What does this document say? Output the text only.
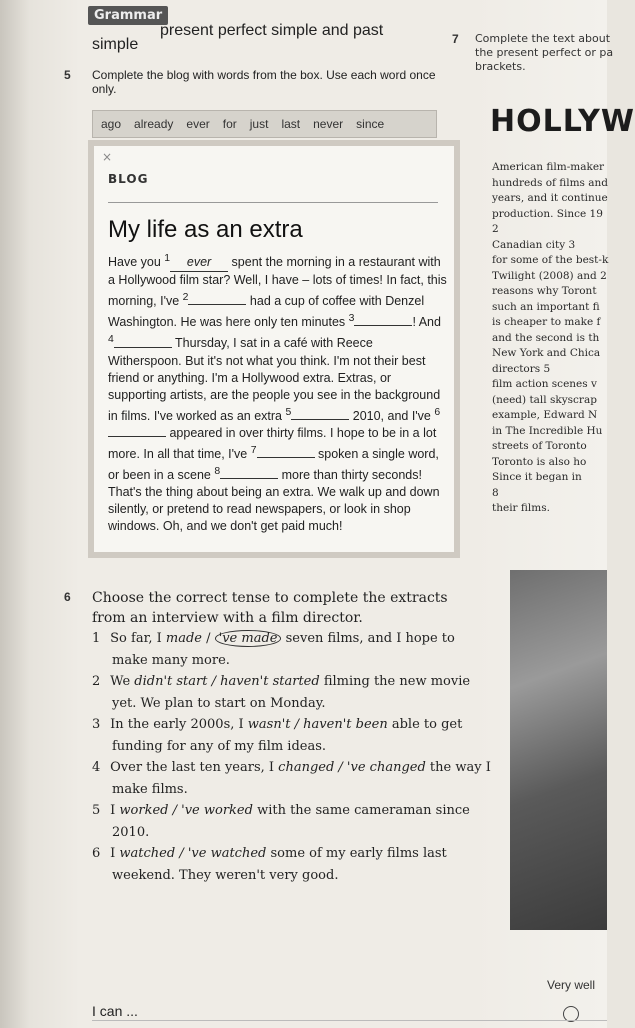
Grammar
present perfect simple and past
simple
5 Complete the blog with words from the box. Use each word once only.
ago already ever for just last never since
×
BLOG
My life as an extra
Have you $^1$ ever spent the morning in a restaurant with a Hollywood film star? Well, I have – lots of times! In fact, this morning, I've $^2$	had a cup of coffee with Denzel Washington. He was here only ten minutes $^3$	! And $^4$	Thursday, I sat in a café with Reece Witherspoon. But it's not what you think. I'm not their best friend or anything. I'm a Hollywood extra. Extras, or supporting artists, are the people you see in the background in films. I've worked as an extra $^5$	2010, and I've $^6$ appeared in over thirty films. I hope to be in a lot more. In all that time, I've $^7$	spoken a single word, or been in a scene $^8$	more than thirty seconds! That's the thing about being an extra. We walk up and down silently, or pretend to read newspapers, or look in shop windows. Oh, and we don't get paid much!
6 Choose the correct tense to complete the extracts from an interview with a film director.
1 So far, I made / 've made seven films, and I hope to
make many more.
2 We didn't start / haven't started filming the new movie
yet. We plan to start on Monday.
3 In the early 2000s, I wasn't / haven't been able to get
funding for any of my film ideas.
4 Over the last ten years, I changed / 've changed the way I
make films.
5 I worked / 've worked with the same cameraman since
2010.
6 I watched / 've watched some of my early films last
weekend. They weren't very good.
7 Complete the text about
the present perfect or pa
brackets.
HOLLYW
American film-maker
hundreds of films and
years, and it continue
production. Since 19
2
Canadian city 3
for some of the best-k
Twilight (2008) and 2
reasons why Toront
such an important fi
is cheaper to make f
and the second is th
New York and Chica
directors 5
film action scenes v
(need) tall skyscrap
example, Edward N
in The Incredible Hu
streets of Toronto
Toronto is also ho
Since it began in
8
their films.
Very well
I can ...
